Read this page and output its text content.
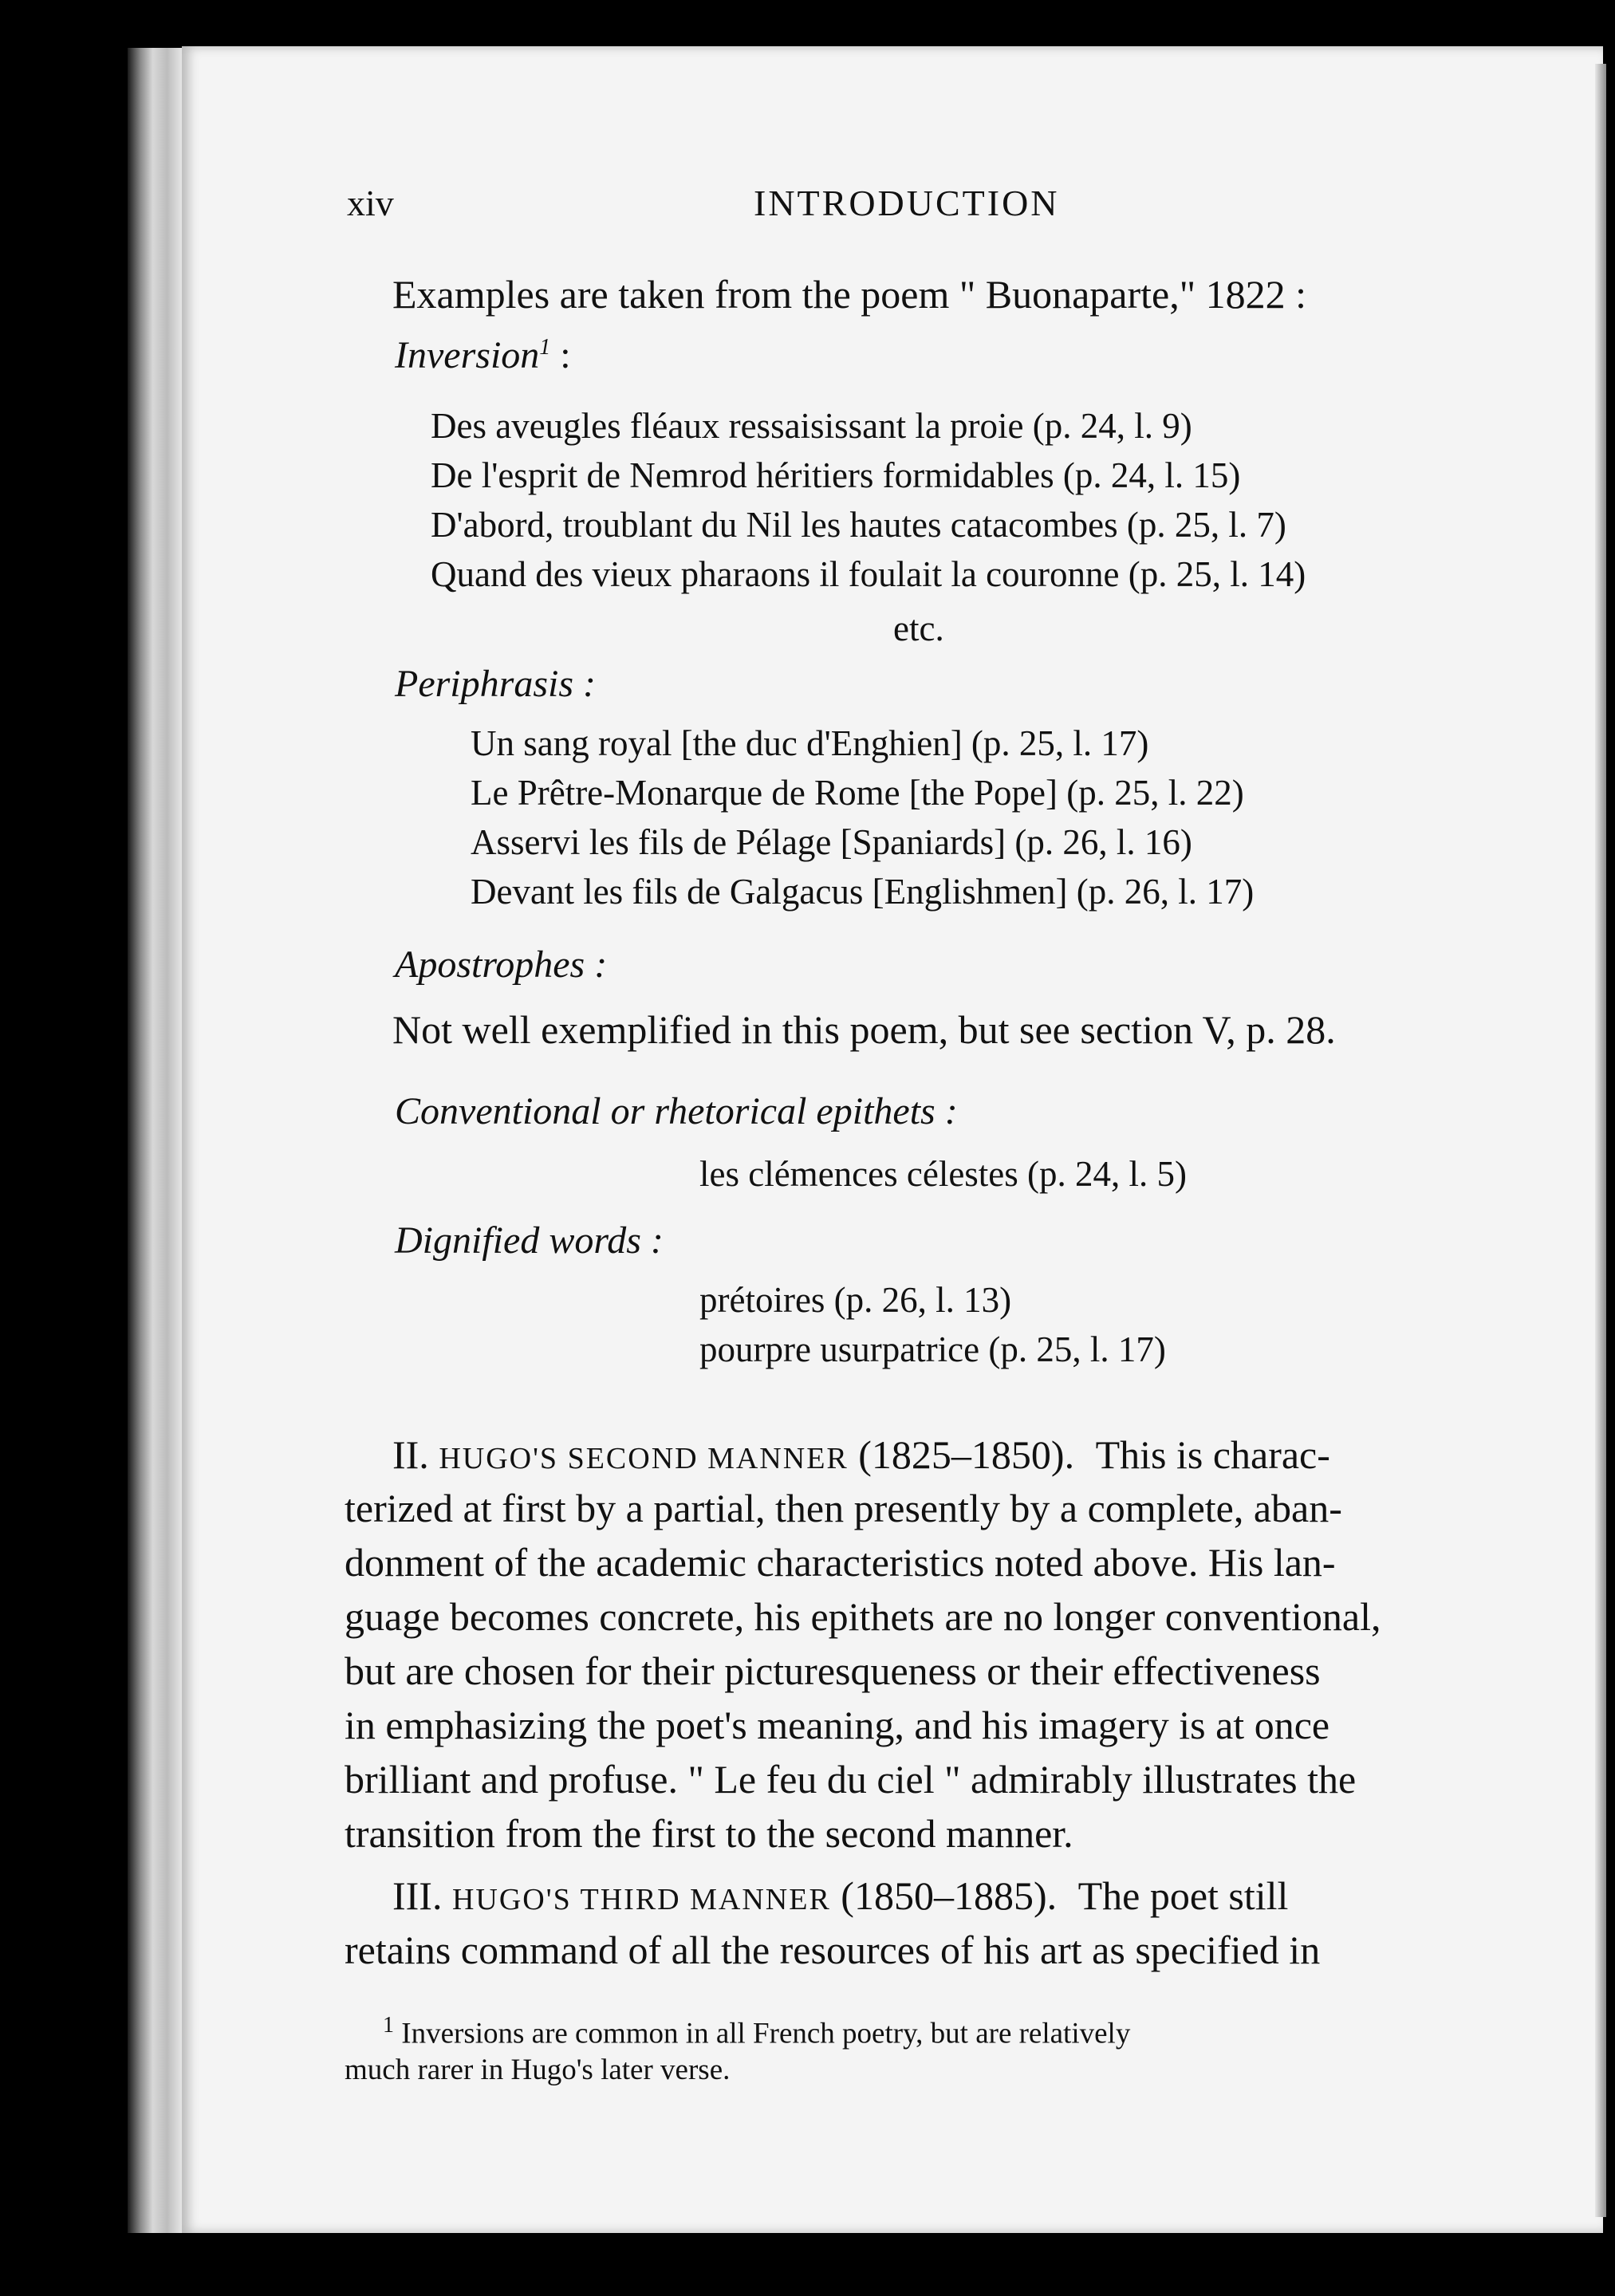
xiv	INTRODUCTION
Examples are taken from the poem " Buonaparte," 1822 :
Inversion$^1$ :
Des aveugles fléaux ressaisissant la proie (p. 24, l. 9)
De l'esprit de Nemrod héritiers formidables (p. 24, l. 15)
D'abord, troublant du Nil les hautes catacombes (p. 25, l. 7)
Quand des vieux pharaons il foulait la couronne (p. 25, l. 14)
etc.
Periphrasis :
Un sang royal [the duc d'Enghien] (p. 25, l. 17)
Le Prêtre-Monarque de Rome [the Pope] (p. 25, l. 22)
Asservi les fils de Pélage [Spaniards] (p. 26, l. 16)
Devant les fils de Galgacus [Englishmen] (p. 26, l. 17)
Apostrophes :
Not well exemplified in this poem, but see section V, p. 28.
Conventional or rhetorical epithets :
les clémences célestes (p. 24, l. 5)
Dignified words :
prétoires (p. 26, l. 13)
pourpre usurpatrice (p. 25, l. 17)
II. HUGO'S SECOND MANNER (1825–1850). This is charac-
terized at first by a partial, then presently by a complete, aban-
donment of the academic characteristics noted above. His lan-
guage becomes concrete, his epithets are no longer conventional,
but are chosen for their picturesqueness or their effectiveness
in emphasizing the poet's meaning, and his imagery is at once
brilliant and profuse. " Le feu du ciel " admirably illustrates the
transition from the first to the second manner.
III. HUGO'S THIRD MANNER (1850–1885). The poet still
retains command of all the resources of his art as specified in
$^1$ Inversions are common in all French poetry, but are relatively
much rarer in Hugo's later verse.
